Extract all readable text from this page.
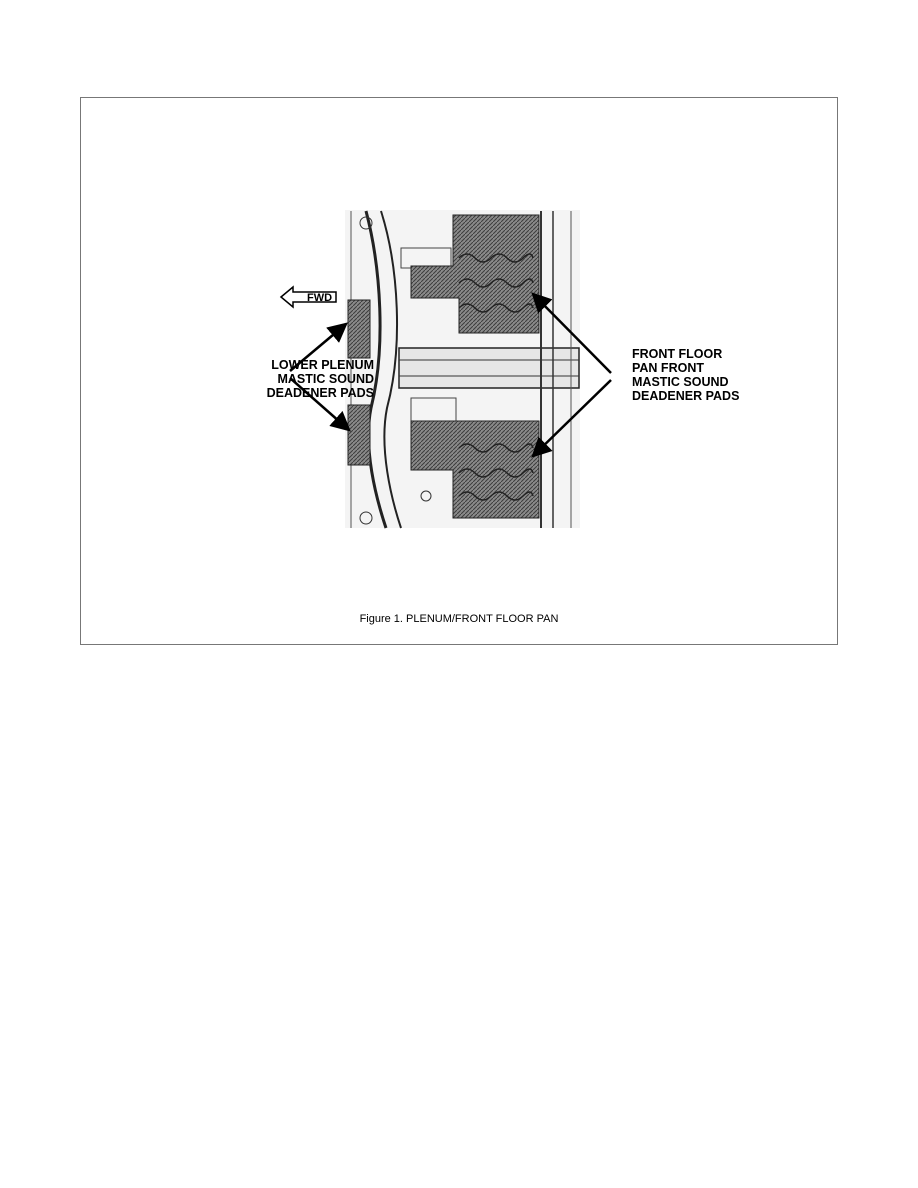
FWD
LOWER PLENUM
MASTIC SOUND
DEADENER PADS
FRONT FLOOR
PAN FRONT
MASTIC SOUND
DEADENER PADS
Figure 1. PLENUM/FRONT FLOOR PAN
